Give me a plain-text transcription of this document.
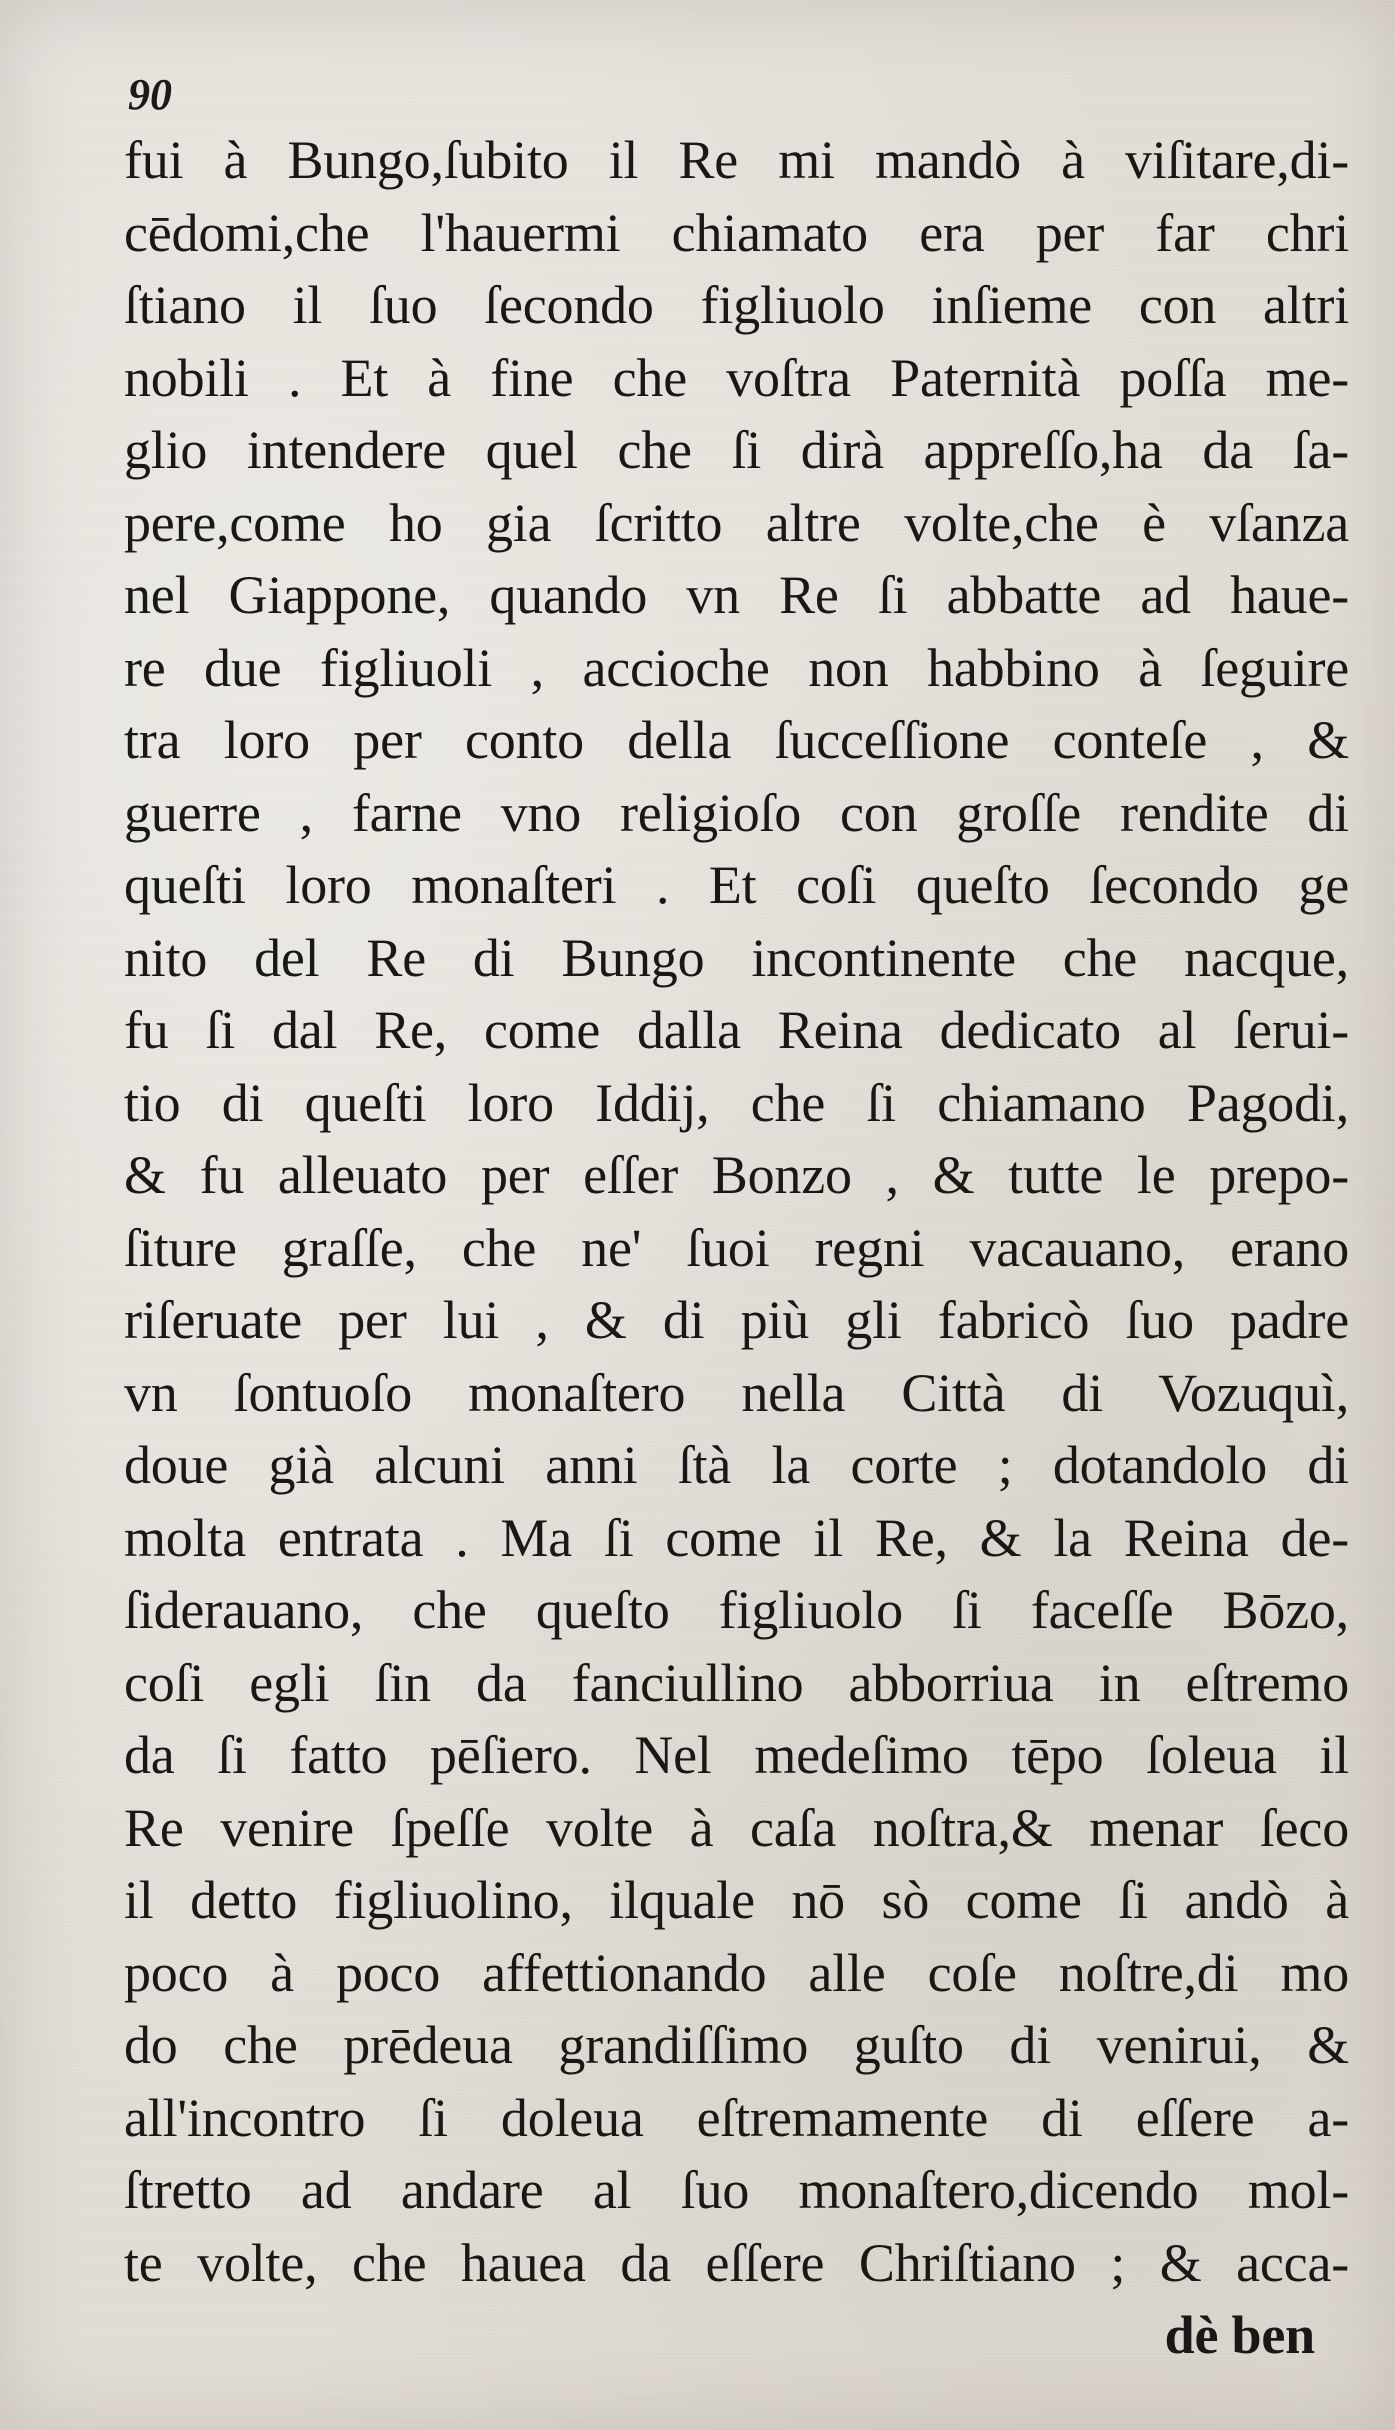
90
fui à Bungo,ſubito il Re mi mandò à viſitare,di-
cēdomi,che l'hauermi chiamato era per far chri
ſtiano il ſuo ſecondo figliuolo inſieme con altri
nobili . Et à fine che voſtra Paternità poſſa me-
glio intendere quel che ſi dirà appreſſo,ha da ſa-
pere,come ho gia ſcritto altre volte,che è vſanza
nel Giappone, quando vn Re ſi abbatte ad haue-
re due figliuoli , accioche non habbino à ſeguire
tra loro per conto della ſucceſſione conteſe , &
guerre , farne vno religioſo con groſſe rendite di
queſti loro monaſteri . Et coſi queſto ſecondo ge
nito del Re di Bungo incontinente che nacque,
fu ſi dal Re, come dalla Reina dedicato al ſerui-
tio di queſti loro Iddij, che ſi chiamano Pagodi,
& fu alleuato per eſſer Bonzo , & tutte le prepo-
ſiture graſſe, che ne' ſuoi regni vacauano, erano
riſeruate per lui , & di più gli fabricò ſuo padre
vn ſontuoſo monaſtero nella Città di Vozuquì,
doue già alcuni anni ſtà la corte ; dotandolo di
molta entrata . Ma ſi come il Re, & la Reina de-
ſiderauano, che queſto figliuolo ſi faceſſe Bōzo,
coſi egli ſin da fanciullino abborriua in eſtremo
da ſi fatto pēſiero. Nel medeſimo tēpo ſoleua il
Re venire ſpeſſe volte à caſa noſtra,& menar ſeco
il detto figliuolino, ilquale nō sò come ſi andò à
poco à poco affettionando alle coſe noſtre,di mo
do che prēdeua grandiſſimo guſto di venirui, &
all'incontro ſi doleua eſtremamente di eſſere a-
ſtretto ad andare al ſuo monaſtero,dicendo mol-
te volte, che hauea da eſſere Chriſtiano ; & acca-
dè ben
